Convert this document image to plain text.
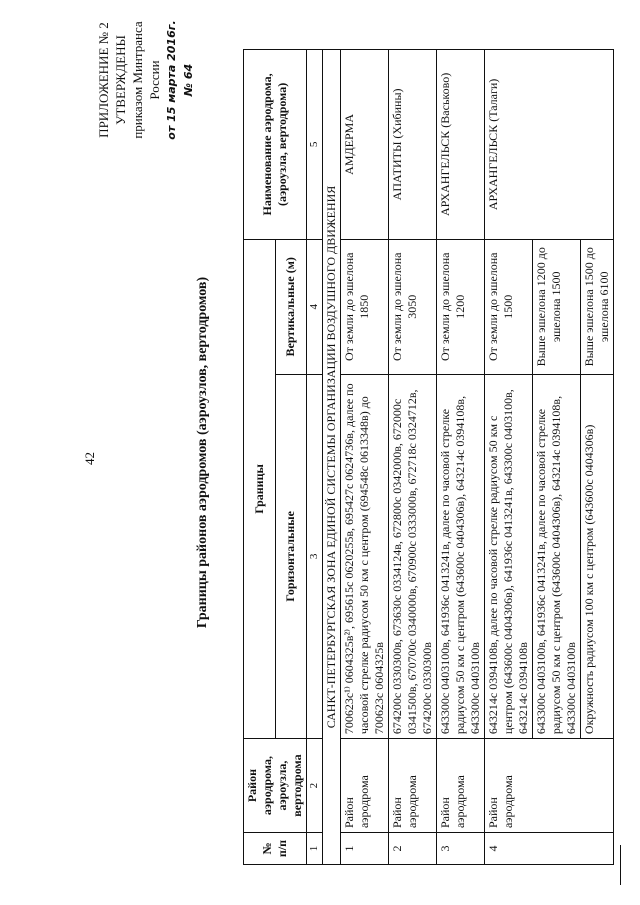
42
ПРИЛОЖЕНИЕ № 2 УТВЕРЖДЕНЫ приказом Минтранса России от 15 марта 2016г. № 64
Границы районов аэродромов (аэроузлов, вертодромов)
№ п/п	Район аэродрома, аэроузла, вертодрома	Границы		Наименование аэродрома, (аэроузла, вертодрома)
		Горизонтальные	Вертикальные (м)	
1	2	3	4	5
САНКТ-ПЕТЕРБУРГСКАЯ ЗОНА ЕДИНОЙ СИСТЕМЫ ОРГАНИЗАЦИИ ВОЗДУШНОГО ДВИЖЕНИЯ				
1	Район аэродрома	700623с¹⁾ 0604325в²⁾, 695615с 0620255в, 695427с 0624736в, далее по часовой стрелке радиусом 50 км с центром (694548с 0613348в) до 700623с 0604325в	От земли до эшелона 1850	АМДЕРМА
2	Район аэродрома	674200с 0330300в, 673630с 0334124в, 672800с 0342000в, 672000с 0341500в, 670700с 0340000в, 670900с 0333000в, 672718с 0324712в, 674200с 0330300в	От земли до эшелона 3050	АПАТИТЫ (Хибины)
3	Район аэродрома	643300с 0403100в, 641936с 0413241в, далее по часовой стрелке радиусом 50 км с центром (643600с 0404306в), 643214с 0394108в, 643300с 0403100в	От земли до эшелона 1200	АРХАНГЕЛЬСК (Васьково)
4	Район аэродрома	643214с 0394108в, далее по часовой стрелке радиусом 50 км с центром (643600с 0404306в), 641936с 0413241в, 643300с 0403100в, 643214с 0394108в	От земли до эшелона 1500	АРХАНГЕЛЬСК (Талаги)
		643300с 0403100в, 641936с 0413241в, далее по часовой стрелке радиусом 50 км с центром (643600с 0404306в), 643214с 0394108в, 643300с 0403100в	Выше эшелона 1200 до эшелона 1500	
		Окружность радиусом 100 км с центром (643600с 0404306в)	Выше эшелона 1500 до эшелона 6100	
